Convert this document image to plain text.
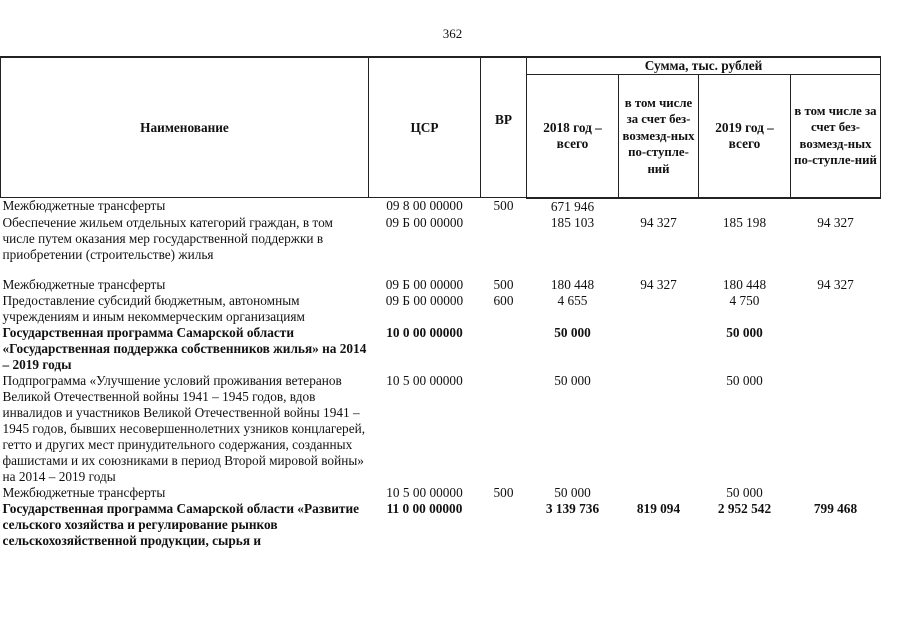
362
Наименование	ЦСР	ВР	Сумма, тыс. рублей			
			2018 год – всего	в том числе за счет без-возмезд-ных по-ступле-ний	2019 год – всего	в том числе за счет без-возмезд-ных по-ступле-ний
Межбюджетные трансферты	09 8 00 00000	500	671 946			
Обеспечение жильем отдельных категорий граждан, в том числе путем оказания мер государственной поддержки в приобретении (строительстве) жилья	09 Б 00 00000		185 103	94 327	185 198	94 327
Межбюджетные трансферты	09 Б 00 00000	500	180 448	94 327	180 448	94 327
Предоставление субсидий бюджетным, автономным учреждениям и иным некоммерческим организациям	09 Б 00 00000	600	4 655		4 750	
Государственная программа Самарской области «Государственная поддержка собственников жилья» на 2014 – 2019 годы	10 0 00 00000		50 000		50 000	
Подпрограмма «Улучшение условий проживания ветеранов Великой Отечественной войны 1941 – 1945 годов, вдов инвалидов и участников Великой Отечественной войны 1941 – 1945 годов, бывших несовершеннолетних узников концлагерей, гетто и других мест принудительного содержания, созданных фашистами и их союзниками в период Второй мировой войны» на 2014 – 2019 годы	10 5 00 00000		50 000		50 000	
Межбюджетные трансферты	10 5 00 00000	500	50 000		50 000	
Государственная программа Самарской области «Развитие сельского хозяйства и регулирование рынков сельскохозяйственной продукции, сырья и	11 0 00 00000		3 139 736	819 094	2 952 542	799 468
